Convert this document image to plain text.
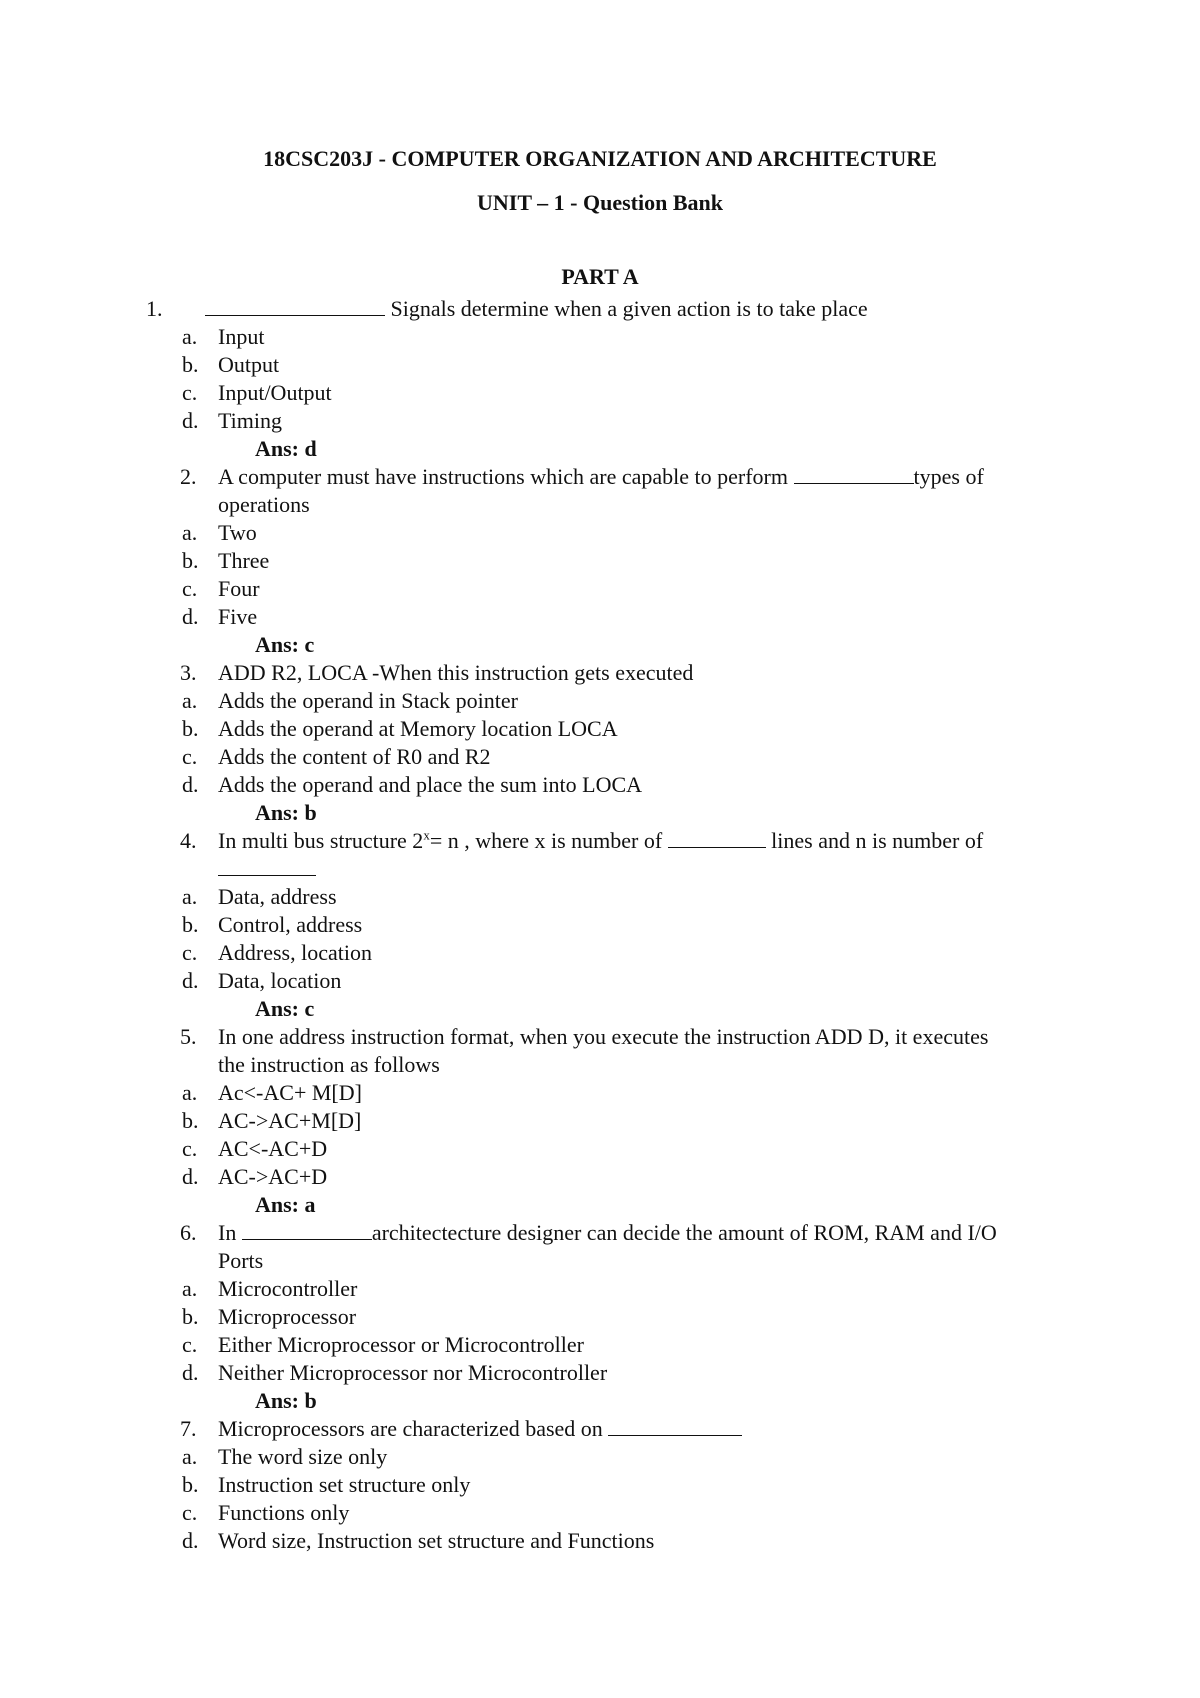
18CSC203J - COMPUTER ORGANIZATION AND ARCHITECTURE
UNIT – 1 - Question Bank
PART A
1.	Signals determine when a given action is to take place
a. Input
b. Output
c. Input/Output
d. Timing
Ans: d
2. A computer must have instructions which are capable to perform	types of operations
a. Two
b. Three
c. Four
d. Five
Ans: c
3. ADD R2, LOCA -When this instruction gets executed
a. Adds the operand in Stack pointer
b. Adds the operand at Memory location LOCA
c. Adds the content of R0 and R2
d. Adds the operand and place the sum into LOCA
Ans: b
4. In multi bus structure $2^x= n$ , where x is number of	lines and n is number of

a. Data, address
b. Control, address
c. Address, location
d. Data, location
Ans: c
5. In one address instruction format, when you execute the instruction ADD D, it executes the instruction as follows
a. Ac<-AC+ M[D]
b. AC->AC+M[D]
c. AC<-AC+D
d. AC->AC+D
Ans: a
6. In	architectecture designer can decide the amount of ROM, RAM and I/O Ports
a. Microcontroller
b. Microprocessor
c. Either Microprocessor or Microcontroller
d. Neither Microprocessor nor Microcontroller
Ans: b
7. Microprocessors are characterized based on
a. The word size only
b. Instruction set structure only
c. Functions only
d. Word size, Instruction set structure and Functions
